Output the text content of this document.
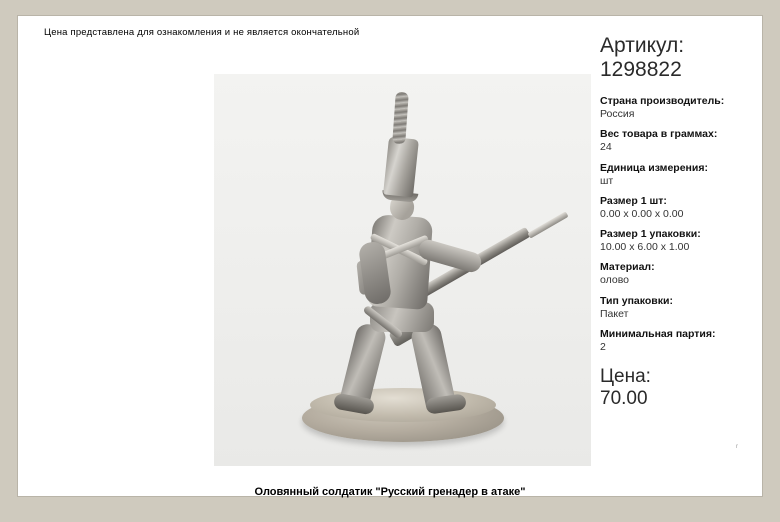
Цена представлена для ознакомления и не является окончательной
Оловянный солдатик "Русский гренадер в атаке"
Артикул:
1298822
Страна производитель:
Россия
Вес товара в граммах:
24
Единица измерения:
шт
Размер 1 шт:
0.00 x 0.00 x 0.00
Размер 1 упаковки:
10.00 x 6.00 x 1.00
Материал:
олово
Тип упаковки:
Пакет
Минимальная партия:
2
Цена:
70.00
r
